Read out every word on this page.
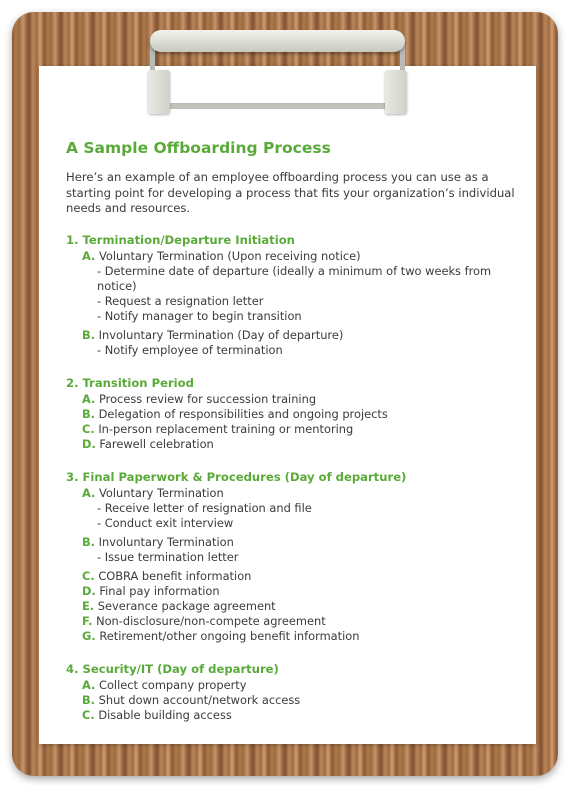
A Sample Offboarding Process
Here’s an example of an employee offboarding process you can use as a starting point for developing a process that fits your organization’s individual needs and resources.
1. Termination/Departure Initiation
A. Voluntary Termination (Upon receiving notice)
- Determine date of departure (ideally a minimum of two weeks from notice)
- Request a resignation letter
- Notify manager to begin transition
B. Involuntary Termination (Day of departure)
- Notify employee of termination
2. Transition Period
A. Process review for succession training
B. Delegation of responsibilities and ongoing projects
C. In-person replacement training or mentoring
D. Farewell celebration
3. Final Paperwork & Procedures (Day of departure)
A. Voluntary Termination
- Receive letter of resignation and file
- Conduct exit interview
B. Involuntary Termination
- Issue termination letter
C. COBRA benefit information
D. Final pay information
E. Severance package agreement
F. Non-disclosure/non-compete agreement
G. Retirement/other ongoing benefit information
4. Security/IT (Day of departure)
A. Collect company property
B. Shut down account/network access
C. Disable building access
